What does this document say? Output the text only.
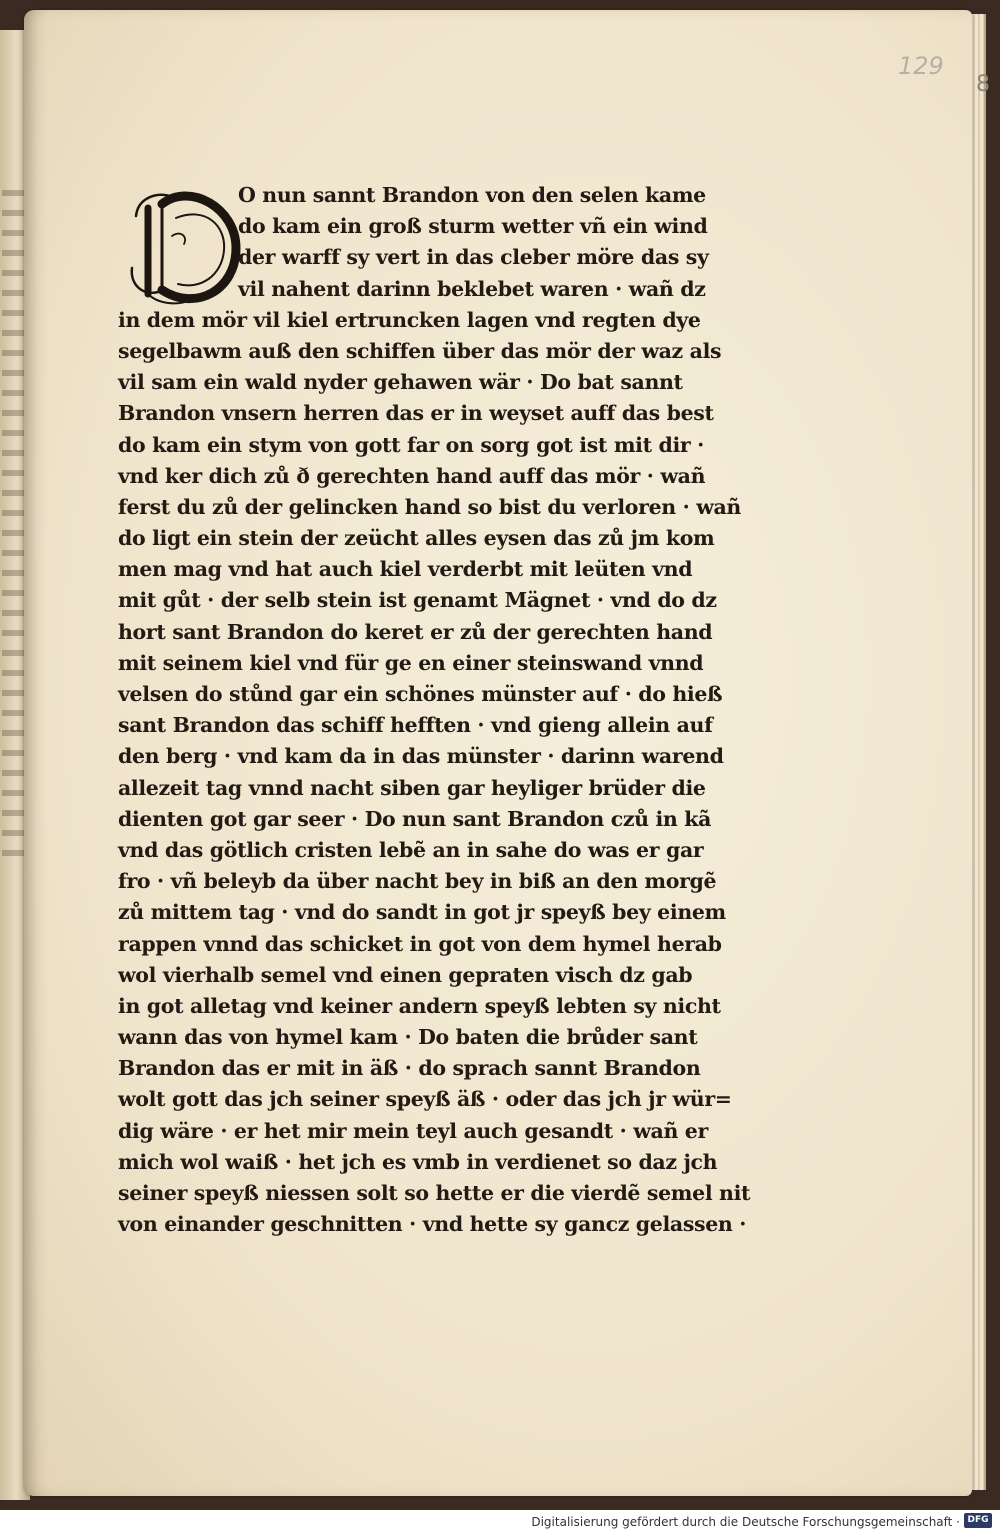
129
8
O nun sannt Brandon von den selen kame
do kam ein groß sturm wetter vñ ein wind
der warff sy vert in das cleber möre das sy
vil nahent darinn beklebet waren · wañ dz
in dem mör vil kiel ertruncken lagen vnd regten dye
segelbawm auß den schiffen über das mör der waz als
vil sam ein wald nyder gehawen wär · Do bat sannt
Brandon vnsern herren das er in weyset auff das best
do kam ein stym von gott far on sorg got ist mit dir ·
vnd ker dich zů ð gerechten hand auff das mör · wañ
ferst du zů der gelincken hand so bist du verloren · wañ
do ligt ein stein der zeücht alles eysen das zů jm kom
men mag vnd hat auch kiel verderbt mit leüten vnd
mit gůt · der selb stein ist genamt Mägnet · vnd do dz
hort sant Brandon do keret er zů der gerechten hand
mit seinem kiel vnd für ge en einer steinswand vnnd
velsen do stůnd gar ein schönes münster auf · do hieß
sant Brandon das schiff hefften · vnd gieng allein auf
den berg · vnd kam da in das münster · darinn warend
allezeit tag vnnd nacht siben gar heyliger brüder die
dienten got gar seer · Do nun sant Brandon czů in kã
vnd das götlich cristen lebẽ an in sahe do was er gar
fro · vñ beleyb da über nacht bey in biß an den morgẽ
zů mittem tag · vnd do sandt in got jr speyß bey einem
rappen vnnd das schicket in got von dem hymel herab
wol vierhalb semel vnd einen gepraten visch dz gab
in got alletag vnd keiner andern speyß lebten sy nicht
wann das von hymel kam · Do baten die brůder sant
Brandon das er mit in äß · do sprach sannt Brandon
wolt gott das jch seiner speyß äß · oder das jch jr wür=
dig wäre · er het mir mein teyl auch gesandt · wañ er
mich wol waiß · het jch es vmb in verdienet so daz jch
seiner speyß niessen solt so hette er die vierdẽ semel nit
von einander geschnitten · vnd hette sy gancz gelassen ·
Digitalisierung gefördert durch die Deutsche Forschungsgemeinschaft · DFG
